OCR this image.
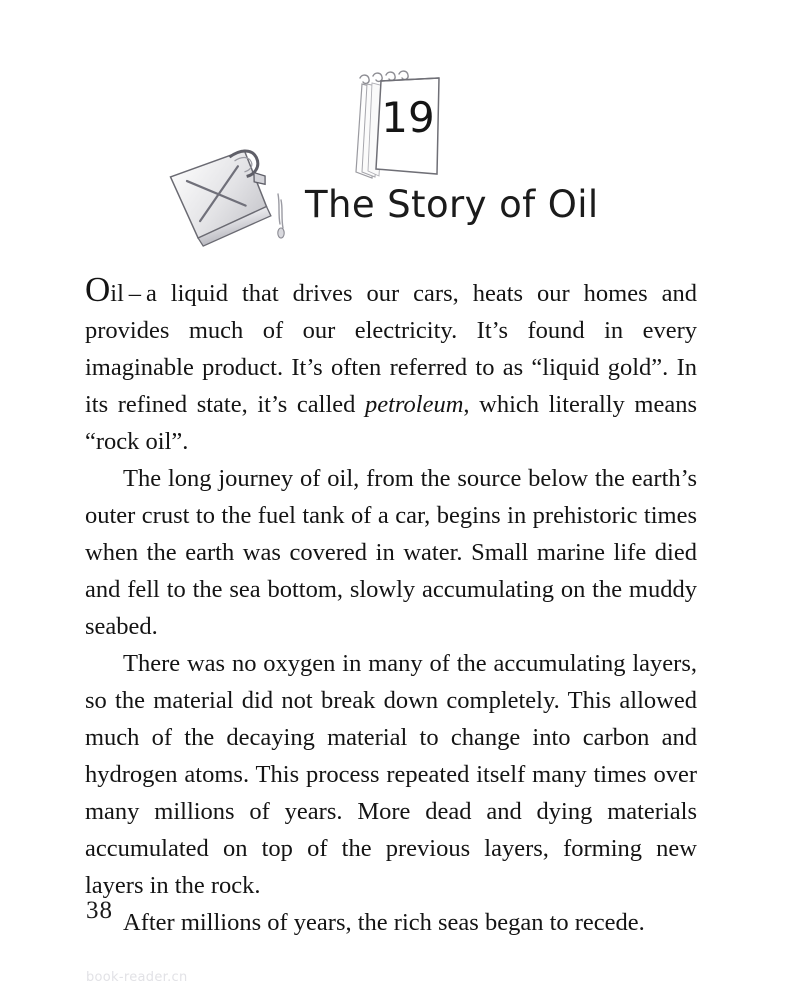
19
The Story of Oil

Oil – a liquid that drives our cars, heats our homes and provides much of our electricity. It’s found in every imaginable product. It’s often referred to as “liquid gold”. In its refined state, it’s called petroleum, which literally means “rock oil”.

The long journey of oil, from the source below the earth’s outer crust to the fuel tank of a car, begins in prehistoric times when the earth was covered in water. Small marine life died and fell to the sea bottom, slowly accumulating on the muddy seabed.

There was no oxygen in many of the accumulating layers, so the material did not break down completely. This allowed much of the decaying material to change into carbon and hydrogen atoms. This process repeated itself many times over many millions of years. More dead and dying materials accumulated on top of the previous layers, forming new layers in the rock.

After millions of years, the rich seas began to recede.

38
book-reader.cn
